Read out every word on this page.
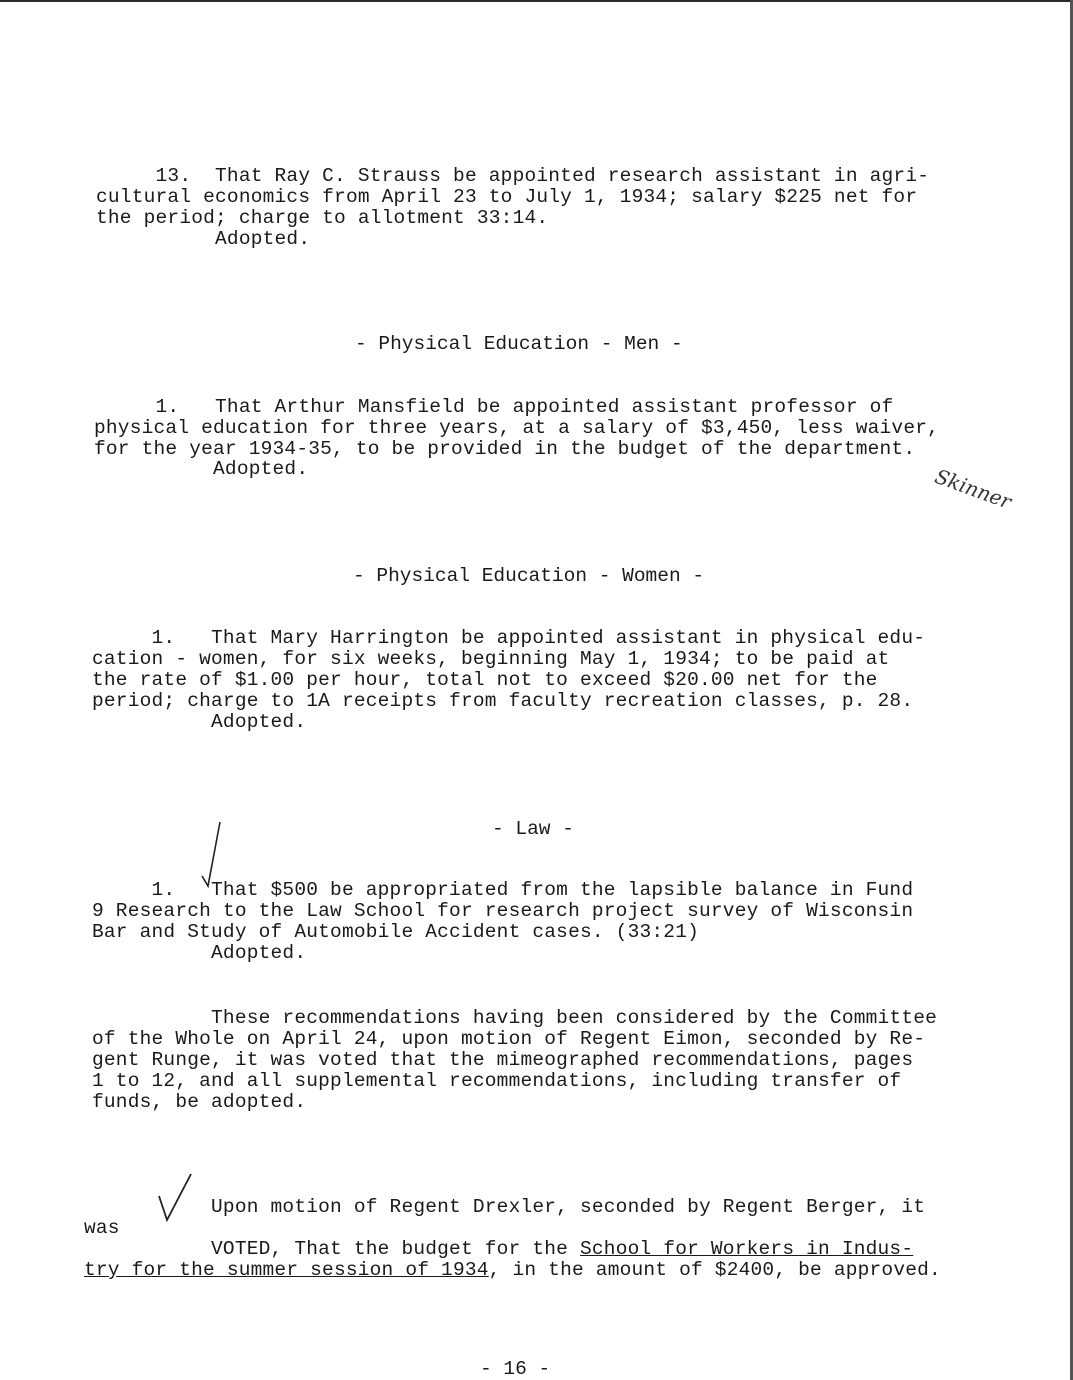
13.  That Ray C. Strauss be appointed research assistant in agri-
cultural economics from April 23 to July 1, 1934; salary $225 net for
the period; charge to allotment 33:14.
Adopted.
- Physical Education - Men -
1.   That Arthur Mansfield be appointed assistant professor of
physical education for three years, at a salary of $3,450, less waiver,
for the year 1934-35, to be provided in the budget of the department.
Adopted.	Skinner
- Physical Education - Women -
1.   That Mary Harrington be appointed assistant in physical edu-
cation - women, for six weeks, beginning May 1, 1934; to be paid at
the rate of $1.00 per hour, total not to exceed $20.00 net for the
period; charge to 1A receipts from faculty recreation classes, p. 28.
Adopted.
- Law -
1.   That $500 be appropriated from the lapsible balance in Fund
9 Research to the Law School for research project survey of Wisconsin
Bar and Study of Automobile Accident cases. (33:21)
Adopted.
These recommendations having been considered by the Committee
of the Whole on April 24, upon motion of Regent Eimon, seconded by Re-
gent Runge, it was voted that the mimeographed recommendations, pages
1 to 12, and all supplemental recommendations, including transfer of
funds, be adopted.
Upon motion of Regent Drexler, seconded by Regent Berger, it
was
VOTED, That the budget for the School for Workers in Indus-
try for the summer session of 1934, in the amount of $2400, be approved.
- 16 -
